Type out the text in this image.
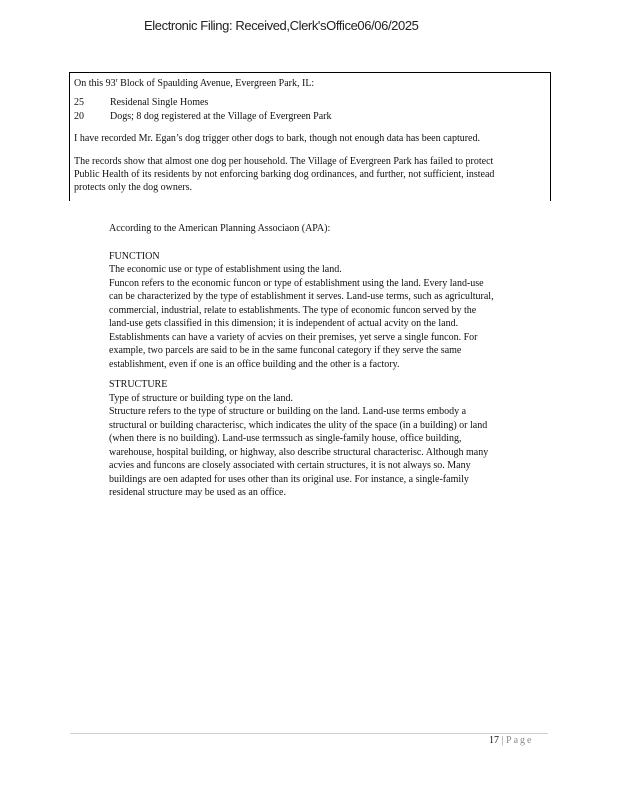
Electronic Filing: Received,Clerk'sOffice06/06/2025

On this 93$^r$ Block of Spaulding Avenue, Evergreen Park, IL:

25	Residenal Single Homes

20	Dogs; 8 dog registered at the Village of Evergreen Park

I have recorded Mr. Egan’s dog trigger other dogs to bark, though not enough data has been captured.

The records show that almost one dog per household. The Village of Evergreen Park has failed to protect

Public Health of its residents by not enforcing barking dog ordinances, and further, not sufficient, instead

protects only the dog owners.

According to the American Planning Associaon (APA):

FUNCTION

The economic use or type of establishment using the land.

Funcon refers to the economic funcon or type of establishment using the land. Every land-use

can be characterized by the type of establishment it serves. Land-use terms, such as agricultural,

commercial, industrial, relate to establishments. The type of economic funcon served by the

land-use gets classified in this dimension; it is independent of actual acvity on the land.

Establishments can have a variety of acvies on their premises, yet serve a single funcon. For

example, two parcels are said to be in the same funconal category if they serve the same

establishment, even if one is an office building and the other is a factory.

STRUCTURE

Type of structure or building type on the land.

Structure refers to the type of structure or building on the land. Land-use terms embody a

structural or building characterisc, which indicates the ulity of the space (in a building) or land

(when there is no building). Land-use termssuch as single-family house, office building,

warehouse, hospital building, or highway, also describe structural characterisc. Although many

acvies and funcons are closely associated with certain structures, it is not always so. Many

buildings are oen adapted for uses other than its original use. For instance, a single-family

residenal structure may be used as an office.

17 | Page
